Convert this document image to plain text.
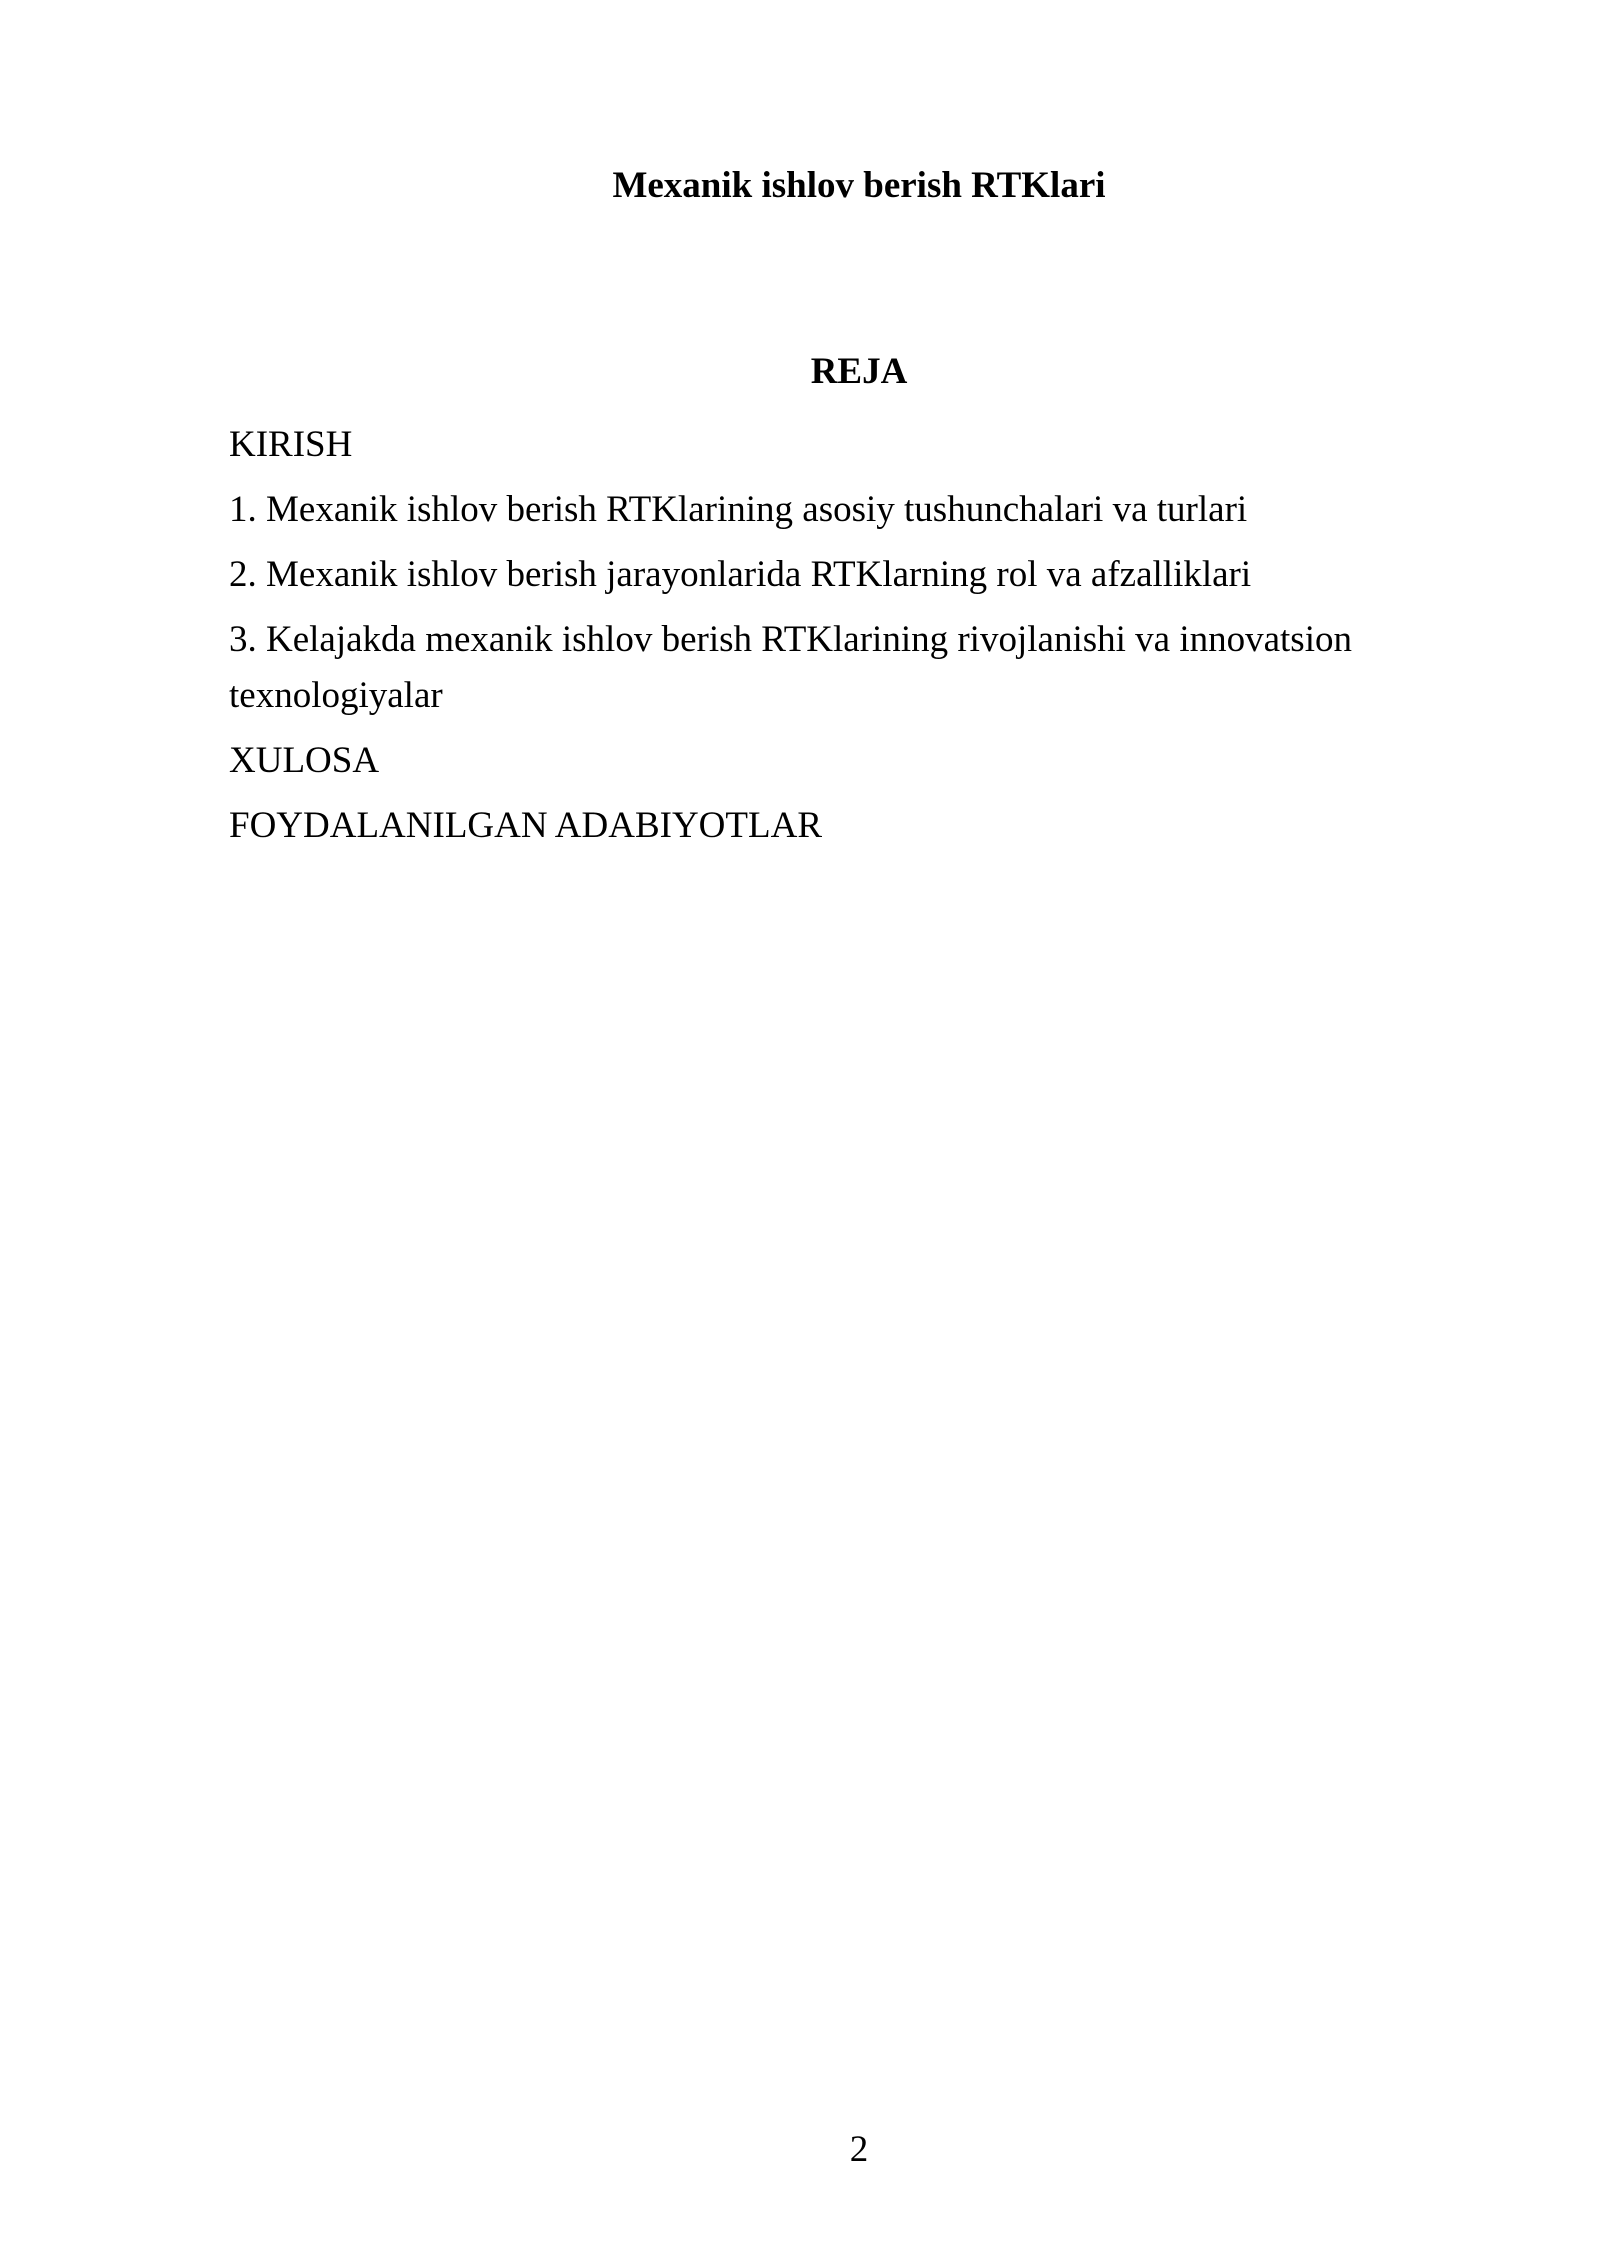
Mexanik ishlov berish RTKlari
REJA
KIRISH
1. Mexanik ishlov berish RTKlarining asosiy tushunchalari va turlari
2. Mexanik ishlov berish jarayonlarida RTKlarning rol va afzalliklari
3. Kelajakda mexanik ishlov berish RTKlarining rivojlanishi va innovatsion texnologiyalar
XULOSA
FOYDALANILGAN ADABIYOTLAR
2
